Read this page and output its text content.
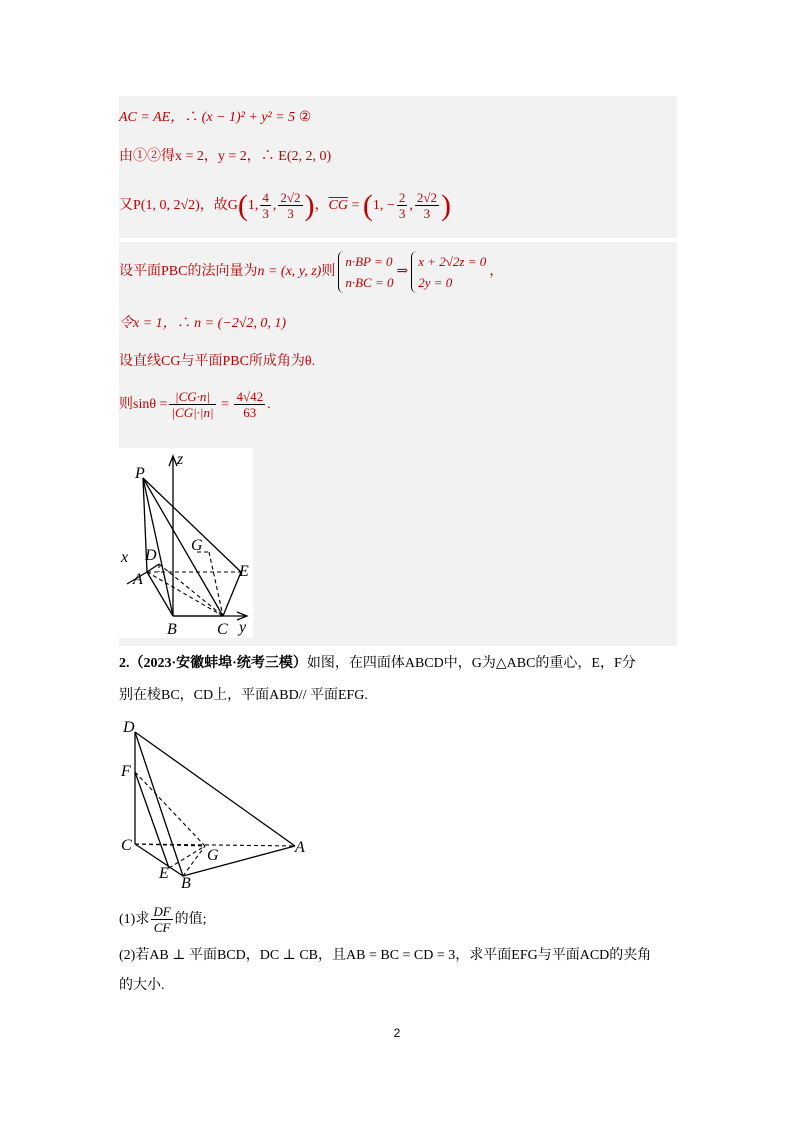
AC = AE，∴ (x − 1)² + y² = 5 ②
由①②得x = 2，y = 2，∴ E(2, 2, 0)
又P(1, 0, 2√2)，故G(1, $\frac{4}{3}$ , $\frac{2√2}{3}$ )，$\overline{CG} = (1$, − $\frac{2}{3}$ , $\frac{2√2}{3}$ )
设平面PBC的法向量为n = (x, y, z)则n·BP = 0
n·BC = 0⇒x + 2√2z = 0
2y = 0，
令x = 1，∴ n = (−2√2, 0, 1)
设直线CG与平面PBC所成角为θ.
则$\sin\theta = \frac{|CG\cdot n|}{|CG|\cdot|n|} = \frac{4√42}{63}$ .
P
z
x D
G
A	E
B	C y
2.（2023·安徽蚌埠·统考三模）如图，在四面体ABCD中，G为△ABC的重心，E，F分
别在棱BC，CD上，平面ABD// 平面EFG.
D
F
C
G	A
E
B
(1)求 $\frac{DF}{CF}$ 的值;
(2)若AB ⊥ 平面BCD，DC ⊥ CB，且AB = BC = CD = 3，求平面EFG与平面ACD的夹角
的大小.
2
